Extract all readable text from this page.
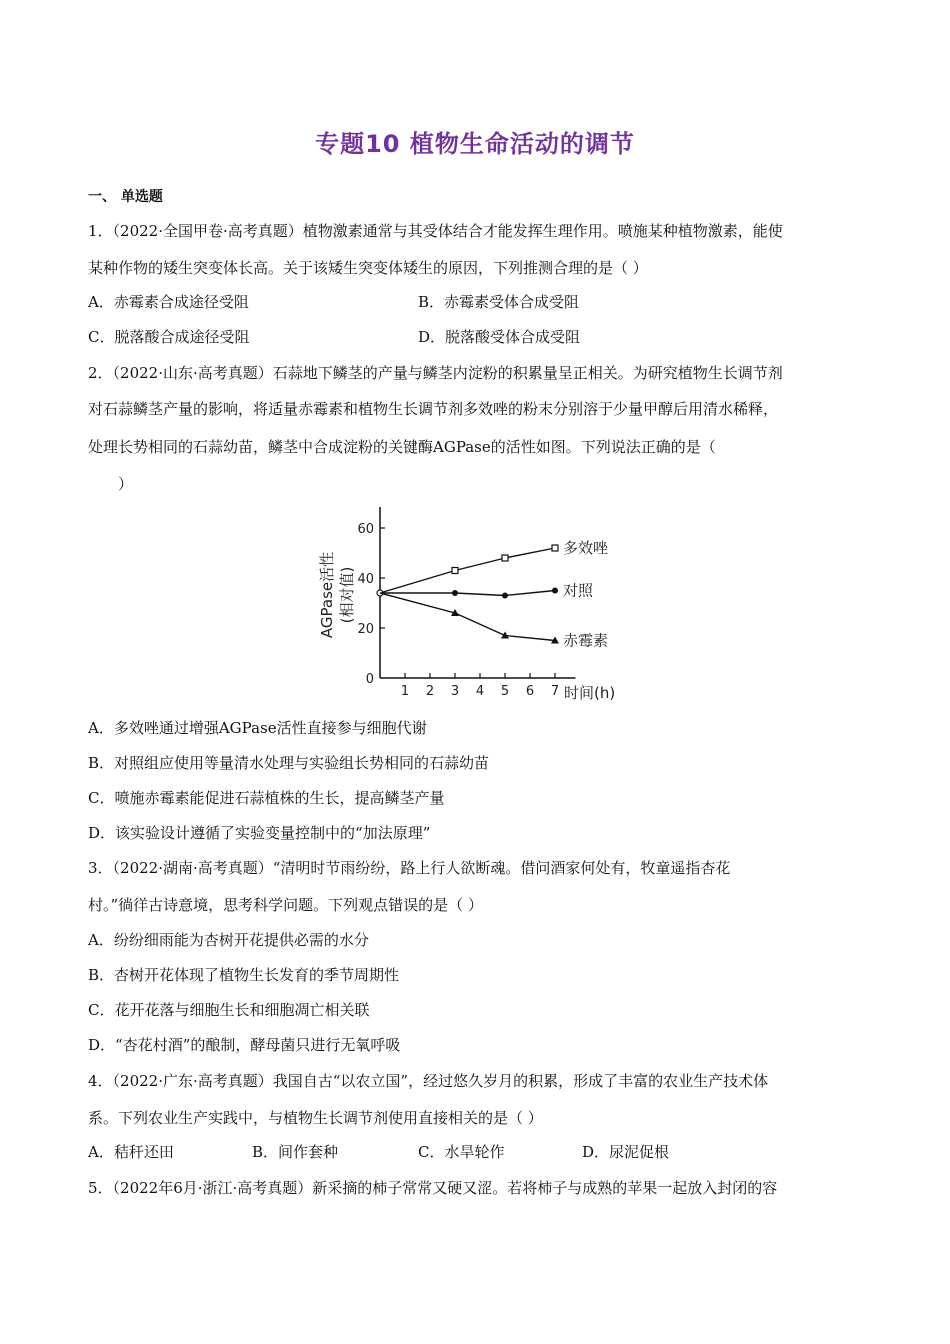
专题10 植物生命活动的调节
一、 单选题
1．（2022·全国甲卷·高考真题）植物激素通常与其受体结合才能发挥生理作用。喷施某种植物激素，能使
某种作物的矮生突变体长高。关于该矮生突变体矮生的原因，下列推测合理的是（ ）
A．赤霉素合成途径受阻	B．赤霉素受体合成受阻
C．脱落酸合成途径受阻	D．脱落酸受体合成受阻
2．（2022·山东·高考真题）石蒜地下鳞茎的产量与鳞茎内淀粉的积累量呈正相关。为研究植物生长调节剂
对石蒜鳞茎产量的影响，将适量赤霉素和植物生长调节剂多效唑的粉末分别溶于少量甲醇后用清水稀释，
处理长势相同的石蒜幼苗，鳞茎中合成淀粉的关键酶AGPase的活性如图。下列说法正确的是（
）
0
20
40
60
1 2 3 4 5 6 7
多效唑
对照
赤霉素
AGPase活性 (相对值)
时间(h)
A．多效唑通过增强AGPase活性直接参与细胞代谢
B．对照组应使用等量清水处理与实验组长势相同的石蒜幼苗
C．喷施赤霉素能促进石蒜植株的生长，提高鳞茎产量
D．该实验设计遵循了实验变量控制中的“加法原理”
3．（2022·湖南·高考真题）“清明时节雨纷纷，路上行人欲断魂。借问酒家何处有，牧童遥指杏花
村。”徜徉古诗意境，思考科学问题。下列观点错误的是（ ）
A．纷纷细雨能为杏树开花提供必需的水分
B．杏树开花体现了植物生长发育的季节周期性
C．花开花落与细胞生长和细胞凋亡相关联
D．“杏花村酒”的酿制，酵母菌只进行无氧呼吸
4．（2022·广东·高考真题）我国自古“以农立国”，经过悠久岁月的积累，形成了丰富的农业生产技术体
系。下列农业生产实践中，与植物生长调节剂使用直接相关的是（ ）
A．秸秆还田	B．间作套种	C．水旱轮作	D．尿泥促根
5．（2022年6月·浙江·高考真题）新采摘的柿子常常又硬又涩。若将柿子与成熟的苹果一起放入封闭的容
